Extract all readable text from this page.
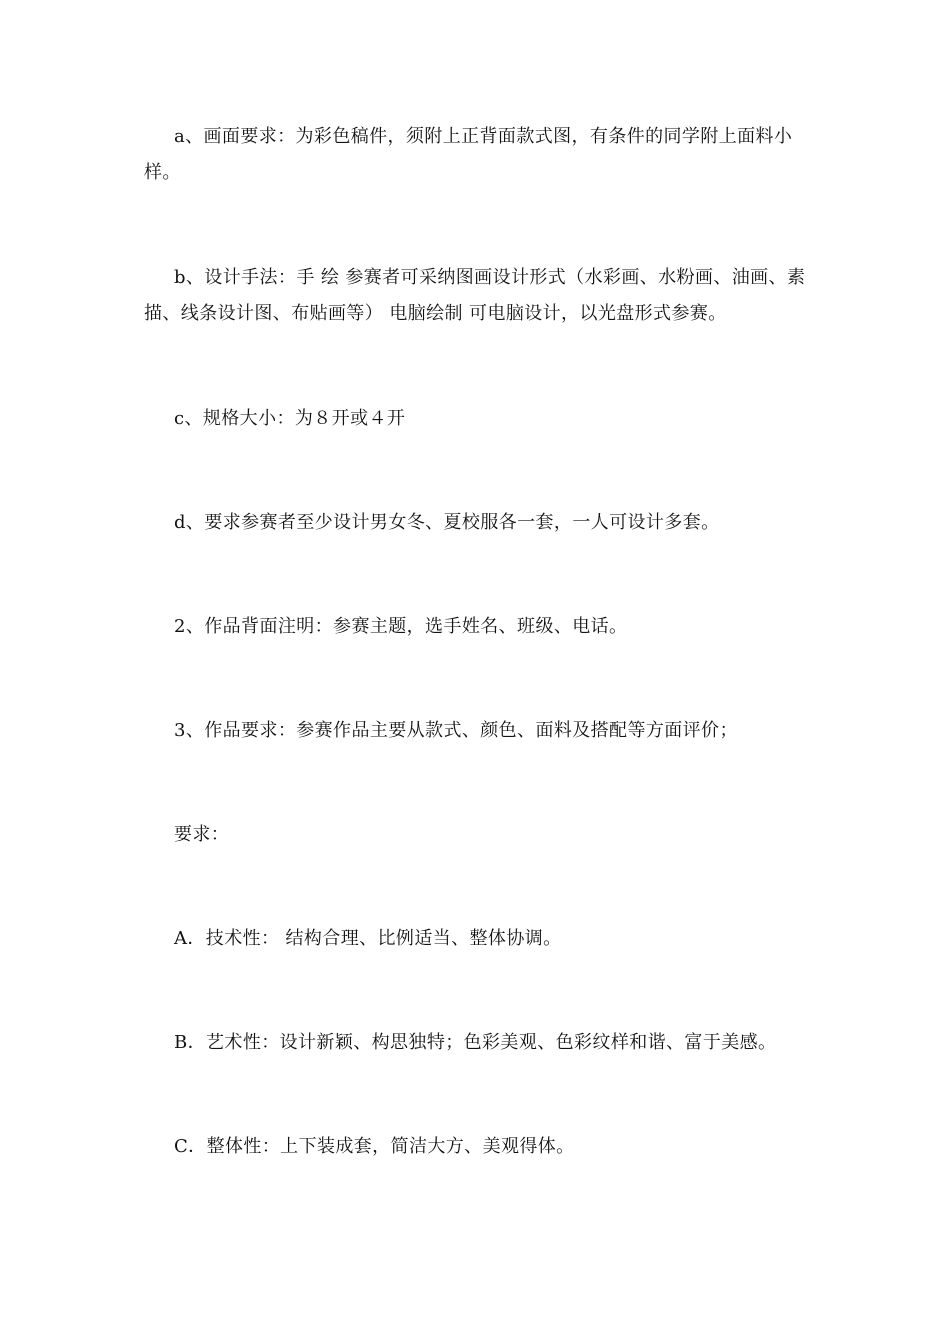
a、画面要求：为彩色稿件，须附上正背面款式图，有条件的同学附上面料小样。

b、设计手法：手 绘 参赛者可采纳图画设计形式（水彩画、水粉画、油画、素描、线条设计图、布贴画等） 电脑绘制 可电脑设计，以光盘形式参赛。

c、规格大小：为８开或４开

d、要求参赛者至少设计男女冬、夏校服各一套，一人可设计多套。

2、作品背面注明：参赛主题，选手姓名、班级、电话。

3、作品要求：参赛作品主要从款式、颜色、面料及搭配等方面评价；

要求：

A．技术性： 结构合理、比例适当、整体协调。

B．艺术性：设计新颖、构思独特；色彩美观、色彩纹样和谐、富于美感。

C．整体性：上下装成套，简洁大方、美观得体。
